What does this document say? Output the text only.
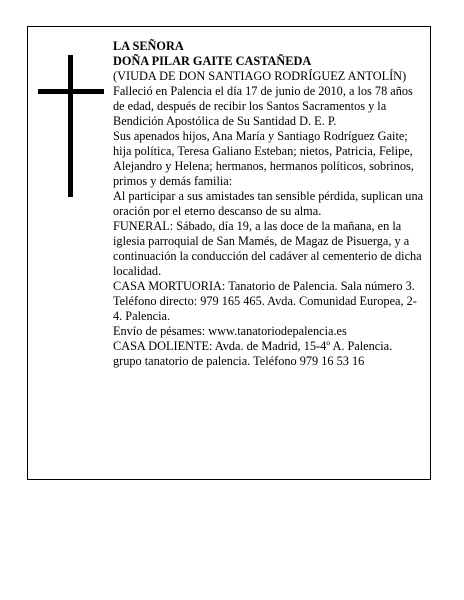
LA SEÑORA

DOÑA PILAR GAITE CASTAÑEDA

(VIUDA DE DON SANTIAGO RODRÍGUEZ ANTOLÍN)

Falleció en Palencia el día 17 de junio de 2010, a los 78 años de edad, después de recibir los Santos Sacramentos y la Bendición Apostólica de Su Santidad D. E. P.

Sus apenados hijos, Ana María y Santiago Rodríguez Gaite; hija política, Teresa Galiano Esteban; nietos, Patricia, Felipe, Alejandro y Helena; hermanos, hermanos políticos, sobrinos, primos y demás familia:

Al participar a sus amistades tan sensible pérdida, suplican una oración por el eterno descanso de su alma.

FUNERAL: Sábado, día 19, a las doce de la mañana, en la iglesia parroquial de San Mamés, de Magaz de Pisuerga, y a continuación la conducción del cadáver al cementerio de dicha localidad.

CASA MORTUORIA: Tanatorio de Palencia. Sala número 3. Teléfono directo: 979 165 465. Avda. Comunidad Europea, 2-4. Palencia.

Envío de pésames: www.tanatoriodepalencia.es

CASA DOLIENTE: Avda. de Madrid, 15-4º A. Palencia.

grupo tanatorio de palencia. Teléfono 979 16 53 16
